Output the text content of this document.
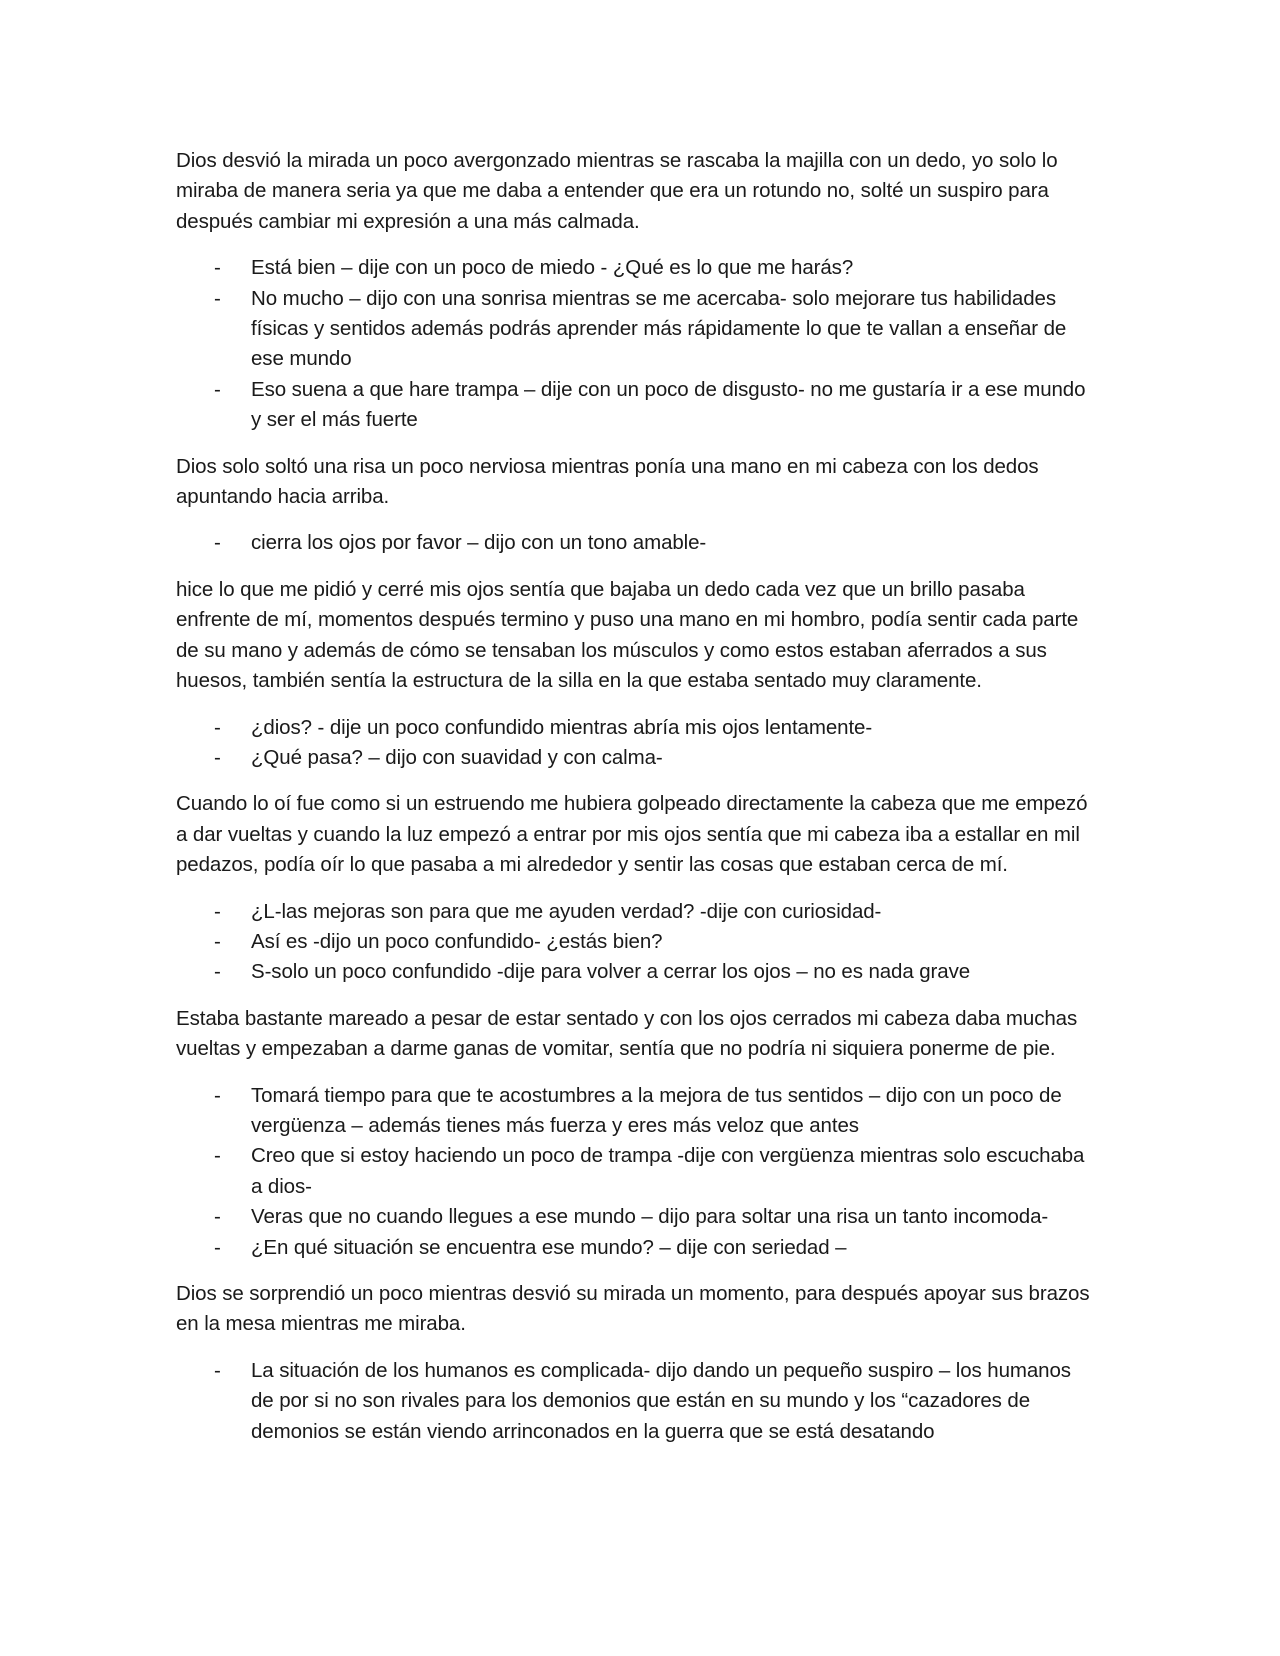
Dios desvió la mirada un poco avergonzado mientras se rascaba la majilla con un dedo, yo solo lo miraba de manera seria ya que me daba a entender que era un rotundo no, solté un suspiro para después cambiar mi expresión a una más calmada.

- Está bien – dije con un poco de miedo - ¿Qué es lo que me harás?
- No mucho – dijo con una sonrisa mientras se me acercaba- solo mejorare tus habilidades físicas y sentidos además podrás aprender más rápidamente lo que te vallan a enseñar de ese mundo
- Eso suena a que hare trampa – dije con un poco de disgusto- no me gustaría ir a ese mundo y ser el más fuerte

Dios solo soltó una risa un poco nerviosa mientras ponía una mano en mi cabeza con los dedos apuntando hacia arriba.

- cierra los ojos por favor – dijo con un tono amable-

hice lo que me pidió y cerré mis ojos sentía que bajaba un dedo cada vez que un brillo pasaba enfrente de mí, momentos después termino y puso una mano en mi hombro, podía sentir cada parte de su mano y además de cómo se tensaban los músculos y como estos estaban aferrados a sus huesos, también sentía la estructura de la silla en la que estaba sentado muy claramente.

- ¿dios? - dije un poco confundido mientras abría mis ojos lentamente-
- ¿Qué pasa? – dijo con suavidad y con calma-

Cuando lo oí fue como si un estruendo me hubiera golpeado directamente la cabeza que me empezó a dar vueltas y cuando la luz empezó a entrar por mis ojos sentía que mi cabeza iba a estallar en mil pedazos, podía oír lo que pasaba a mi alrededor y sentir las cosas que estaban cerca de mí.

- ¿L-las mejoras son para que me ayuden verdad? -dije con curiosidad-
- Así es -dijo un poco confundido- ¿estás bien?
- S-solo un poco confundido -dije para volver a cerrar los ojos – no es nada grave

Estaba bastante mareado a pesar de estar sentado y con los ojos cerrados mi cabeza daba muchas vueltas y empezaban a darme ganas de vomitar, sentía que no podría ni siquiera ponerme de pie.

- Tomará tiempo para que te acostumbres a la mejora de tus sentidos – dijo con un poco de vergüenza – además tienes más fuerza y eres más veloz que antes
- Creo que si estoy haciendo un poco de trampa -dije con vergüenza mientras solo escuchaba a dios-
- Veras que no cuando llegues a ese mundo – dijo para soltar una risa un tanto incomoda-
- ¿En qué situación se encuentra ese mundo? – dije con seriedad –

Dios se sorprendió un poco mientras desvió su mirada un momento, para después apoyar sus brazos en la mesa mientras me miraba.

- La situación de los humanos es complicada- dijo dando un pequeño suspiro – los humanos de por si no son rivales para los demonios que están en su mundo y los “cazadores de demonios se están viendo arrinconados en la guerra que se está desatando
